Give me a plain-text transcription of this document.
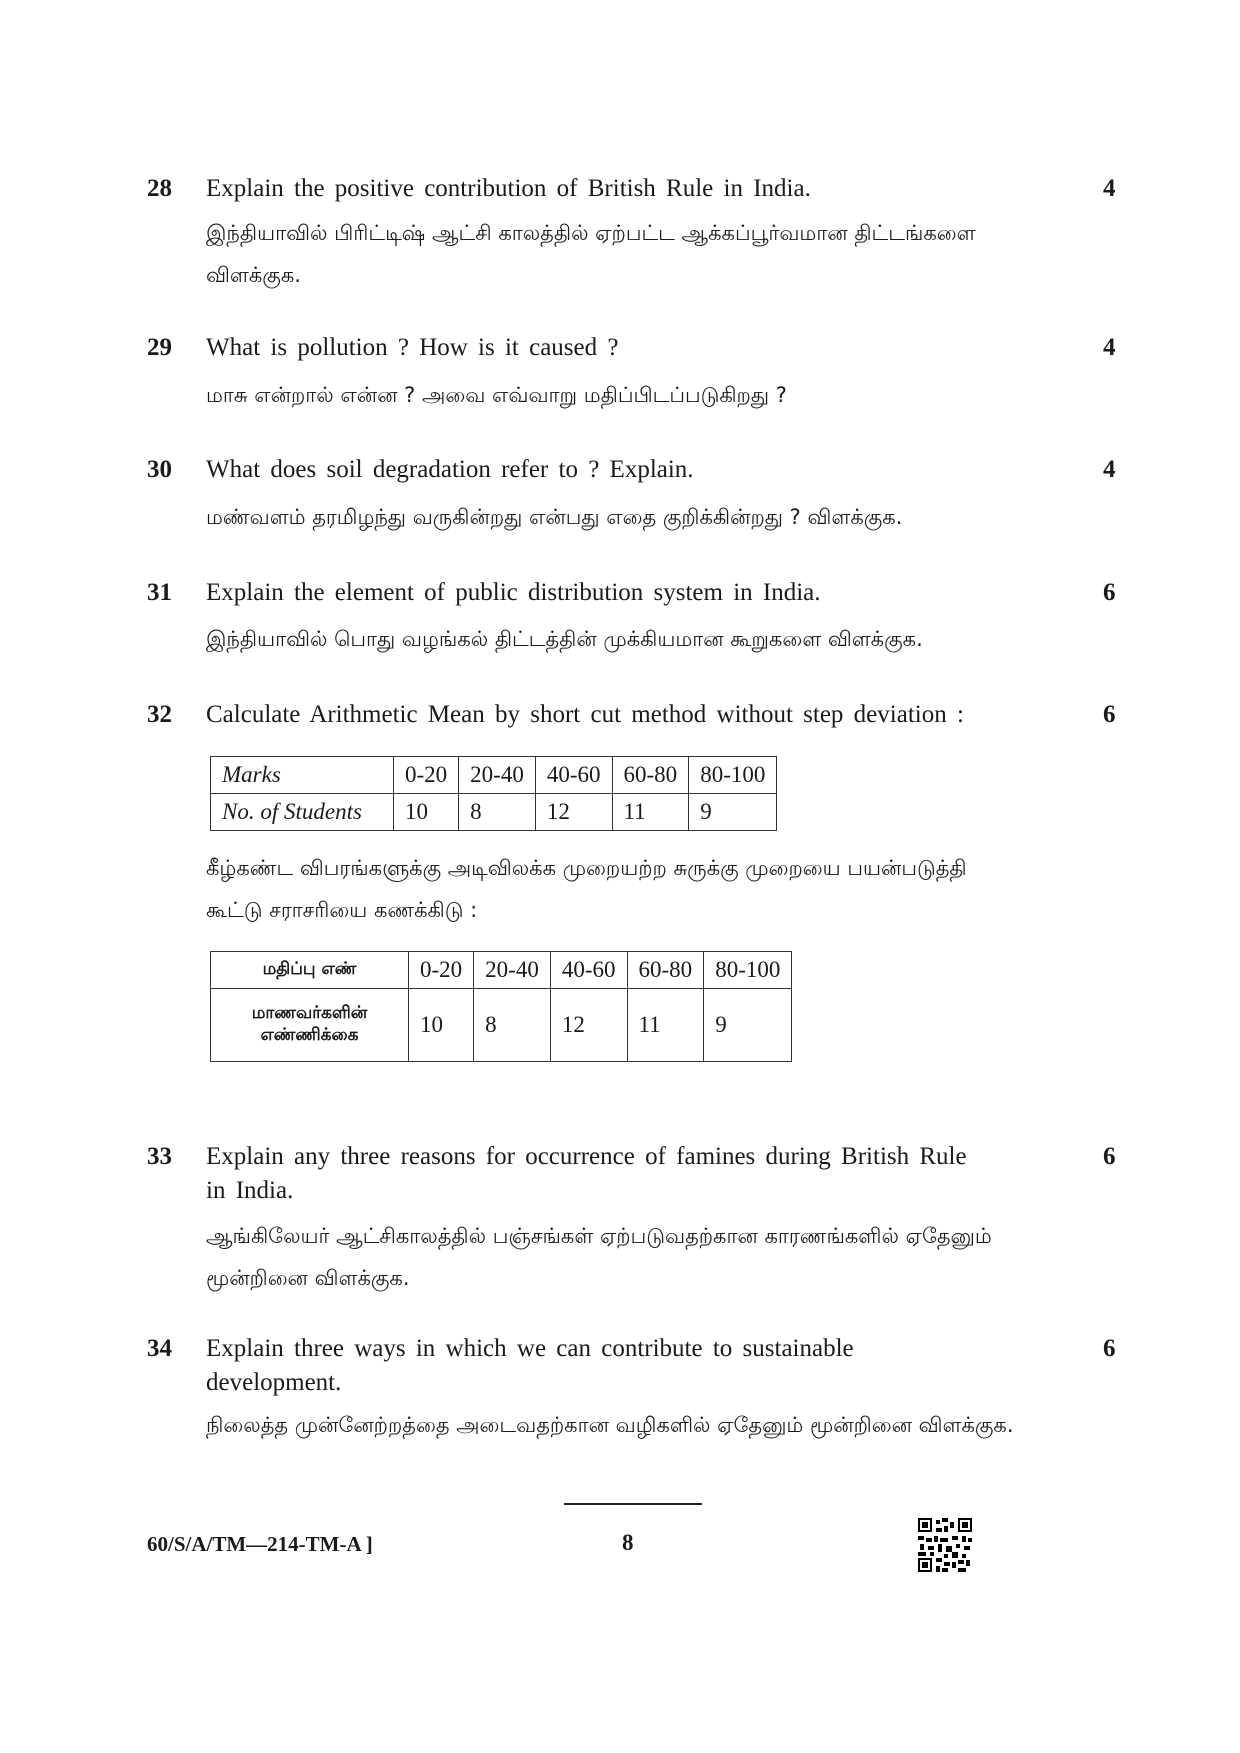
28 Explain the positive contribution of British Rule in India.
இந்தியாவில் பிரிட்டிஷ் ஆட்சி காலத்தில் ஏற்பட்ட ஆக்கப்பூர்வமான திட்டங்களை விளக்குக.
4
29 What is pollution ? How is it caused ?
மாசு என்றால் என்ன ? அவை எவ்வாறு மதிப்பிடப்படுகிறது ?
4
30 What does soil degradation refer to ? Explain.
மண்வளம் தரமிழந்து வருகின்றது என்பது எதை குறிக்கின்றது ? விளக்குக.
4
31 Explain the element of public distribution system in India.
இந்தியாவில் பொது வழங்கல் திட்டத்தின் முக்கியமான கூறுகளை விளக்குக.
6
32 Calculate Arithmetic Mean by short cut method without step deviation :	6
Marks	0-20	20-40	40-60	60-80	80-100
No. of Students	10	8	12	11	9
கீழ்கண்ட விபரங்களுக்கு அடிவிலக்க முறையற்ற சுருக்கு முறையை பயன்படுத்தி கூட்டு சராசரியை கணக்கிடு :
மதிப்பு எண்	0-20	20-40	40-60	60-80	80-100
மாணவர்களின் எண்ணிக்கை	10	8	12	11	9
33 Explain any three reasons for occurrence of famines during British Rule in India.
ஆங்கிலேயர் ஆட்சிகாலத்தில் பஞ்சங்கள் ஏற்படுவதற்கான காரணங்களில் ஏதேனும் மூன்றினை விளக்குக.
6
34 Explain three ways in which we can contribute to sustainable development.
நிலைத்த முன்னேற்றத்தை அடைவதற்கான வழிகளில் ஏதேனும் மூன்றினை விளக்குக.
6
60/S/A/TM—214-TM-A ]	8
